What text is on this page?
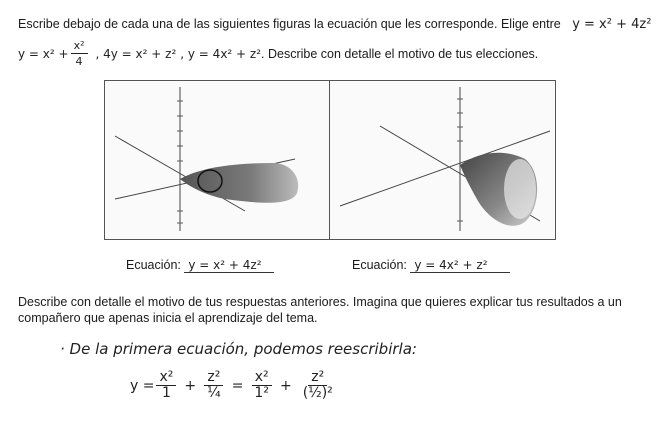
Escribe debajo de cada una de las siguientes figuras la ecuación que les corresponde. Elige entre y = x² + 4z²
$y = x^2 + \frac{\text{x²}}{4}$ , 4y = x² + z² , y = 4x² + z² . Describe con detalle el motivo de tus elecciones.
Ecuación: y = x² + 4z²	Ecuación: y = 4x² + z²
Describe con detalle el motivo de tus respuestas anteriores. Imagina que quieres explicar tus resultados a un
compañero que apenas inicia el aprendizaje del tema.
· De la primera ecuación, podemos reescribirla:
$y = \frac{\text{x²}}{1} + \frac{\text{z²}}{\text{¼}} = \frac{\text{x²}}{\text{1²}} + \frac{\text{z²}}{\text{(½)²}}$
